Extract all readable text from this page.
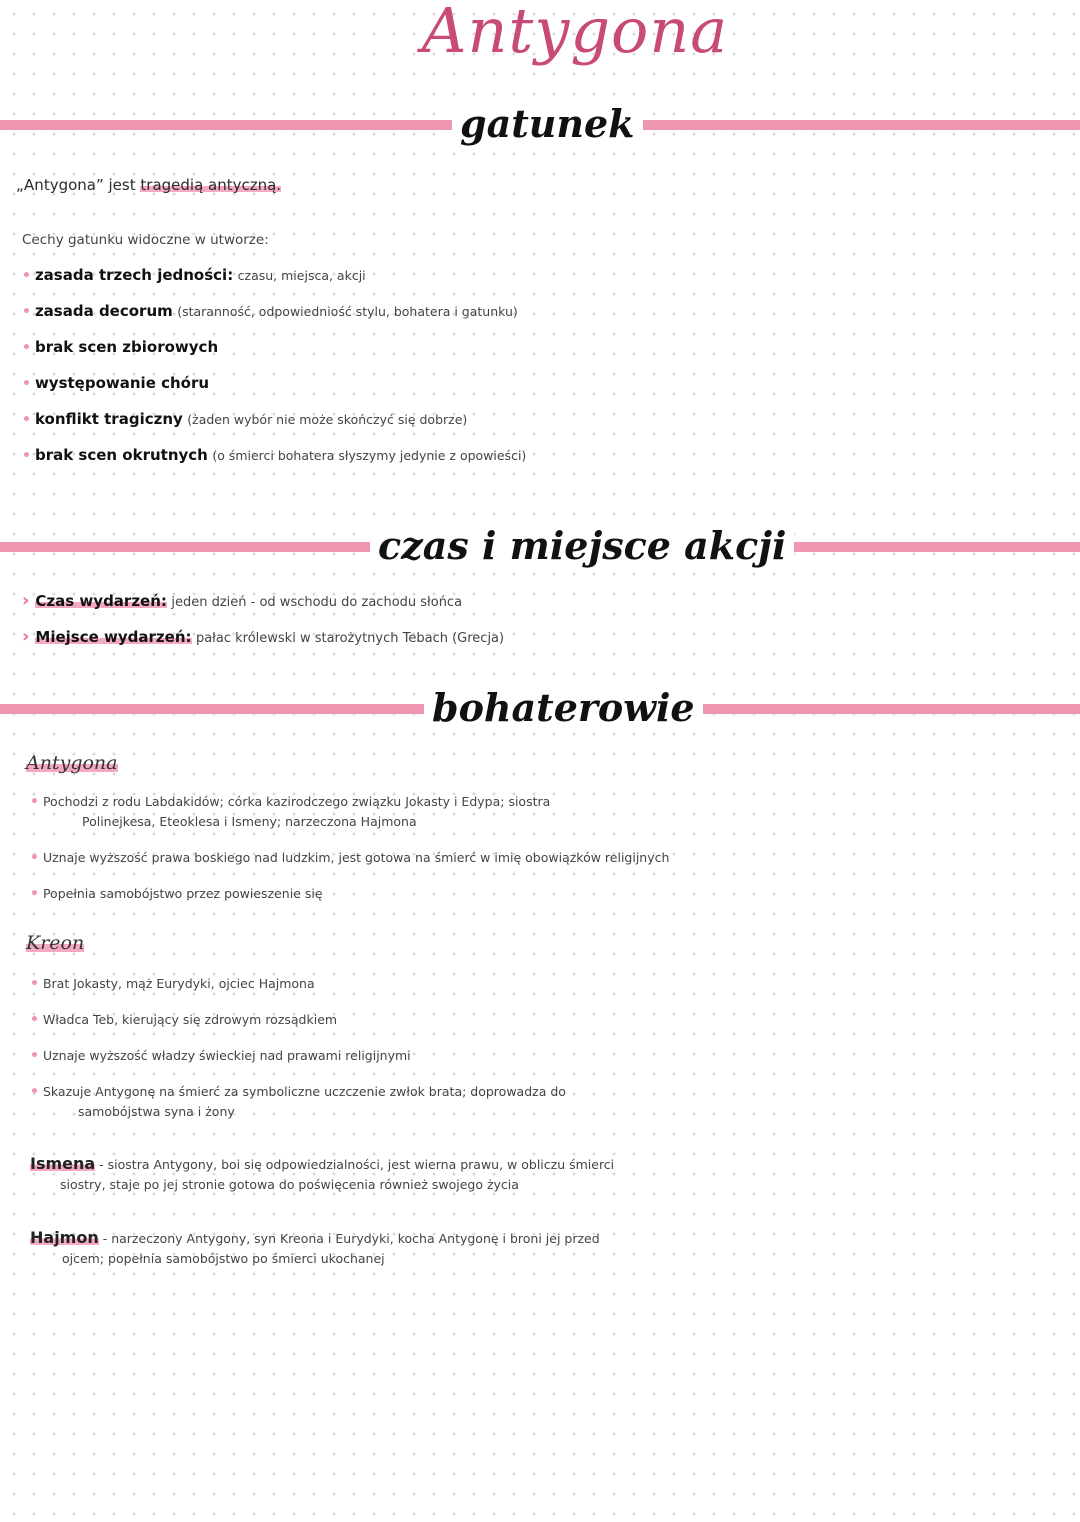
Antygona
gatunek
„Antygona” jest tragedią antyczną.
Cechy gatunku widoczne w utworze:
• zasada trzech jedności: czasu, miejsca, akcji
• zasada decorum (staranność, odpowiedniość stylu, bohatera i gatunku)
• brak scen zbiorowych
• występowanie chóru
• konflikt tragiczny (żaden wybór nie może skończyć się dobrze)
• brak scen okrutnych (o śmierci bohatera słyszymy jedynie z opowieści)
czas i miejsce akcji
› Czas wydarzeń: jeden dzień - od wschodu do zachodu słońca
› Miejsce wydarzeń: pałac królewski w starożytnych Tebach (Grecja)
bohaterowie
Antygona
• Pochodzi z rodu Labdakidów; córka kazirodczego związku Jokasty i Edypa; siostra
Polinejkesa, Eteoklesa i Ismeny; narzeczona Hajmona
• Uznaje wyższość prawa boskiego nad ludzkim, jest gotowa na śmierć w imię obowiązków religijnych
• Popełnia samobójstwo przez powieszenie się
Kreon
• Brat Jokasty, mąż Eurydyki, ojciec Hajmona
• Władca Teb, kierujący się zdrowym rozsądkiem
• Uznaje wyższość władzy świeckiej nad prawami religijnymi
• Skazuje Antygonę na śmierć za symboliczne uczczenie zwłok brata; doprowadza do
samobójstwa syna i żony
Ismena - siostra Antygony, boi się odpowiedzialności, jest wierna prawu, w obliczu śmierci
siostry, staje po jej stronie gotowa do poświęcenia również swojego życia
Hajmon - narzeczony Antygony, syn Kreona i Eurydyki, kocha Antygonę i broni jej przed
ojcem; popełnia samobójstwo po śmierci ukochanej
